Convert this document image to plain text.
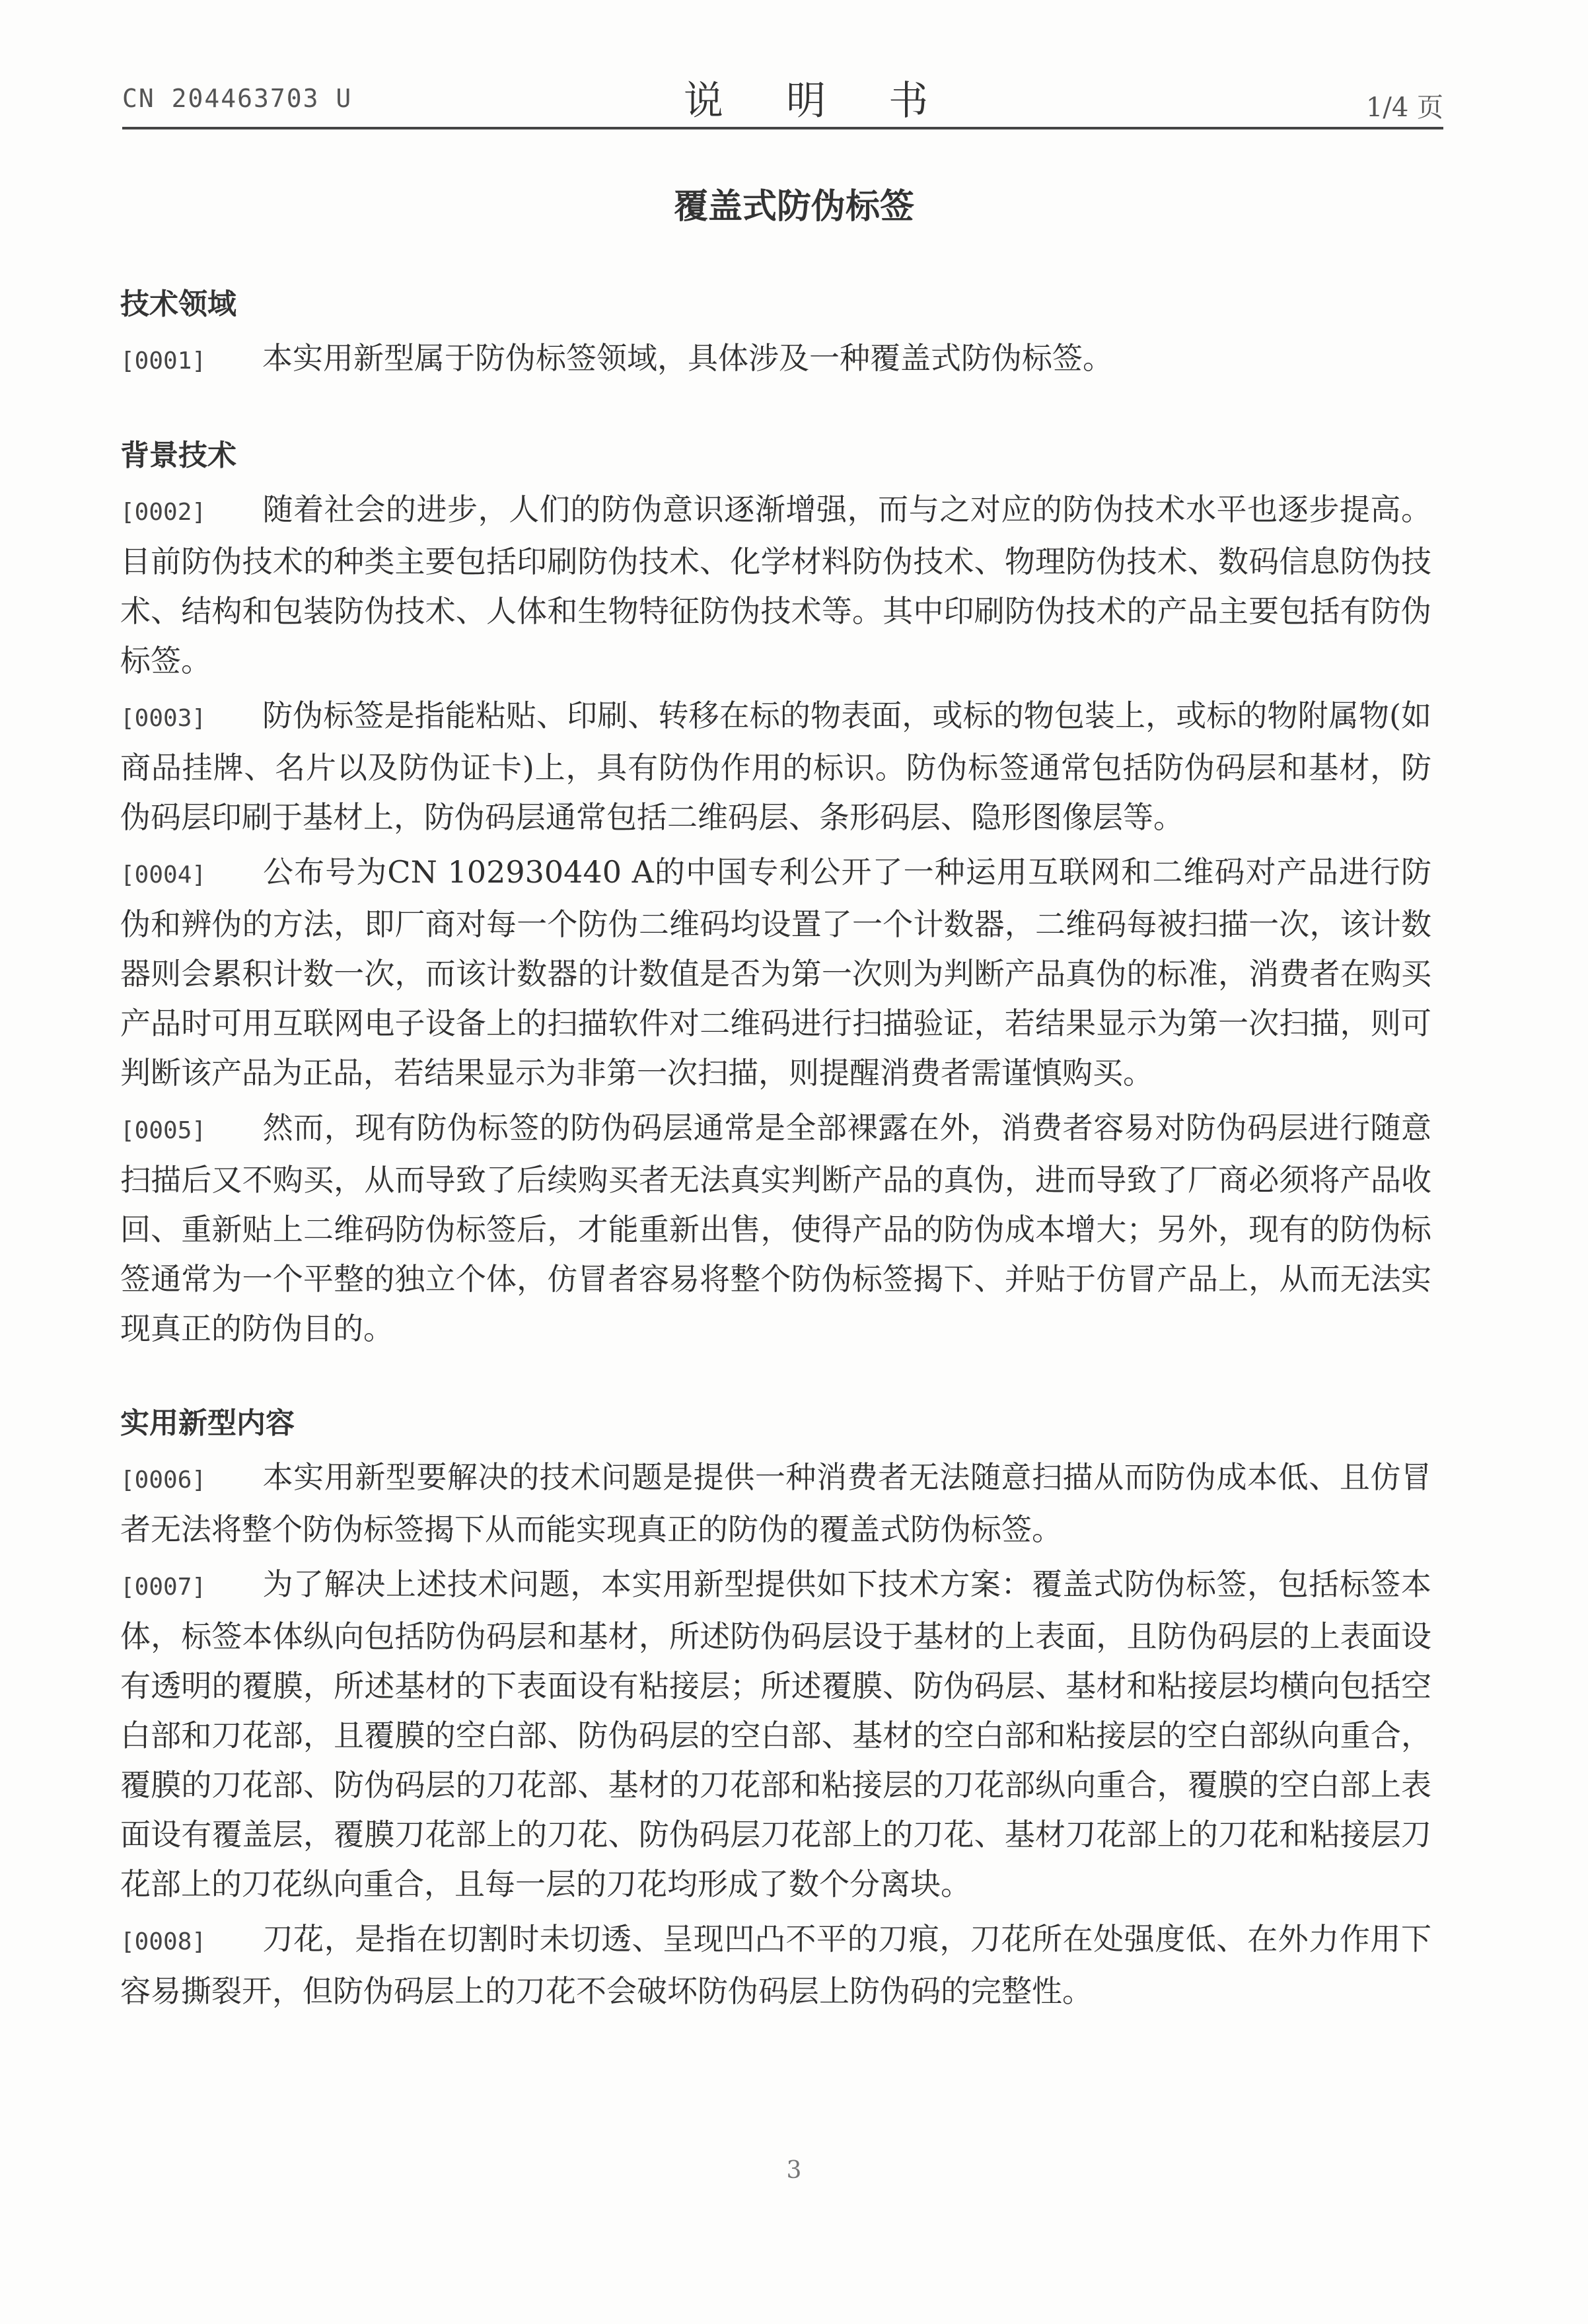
CN 204463703 U	说 明 书	1/4 页
覆盖式防伪标签
技术领域

[0001] 本实用新型属于防伪标签领域，具体涉及一种覆盖式防伪标签。

背景技术

[0002] 随着社会的进步，人们的防伪意识逐渐增强，而与之对应的防伪技术水平也逐步提高。目前防伪技术的种类主要包括印刷防伪技术、化学材料防伪技术、物理防伪技术、数码信息防伪技术、结构和包装防伪技术、人体和生物特征防伪技术等。其中印刷防伪技术的产品主要包括有防伪标签。

[0003] 防伪标签是指能粘贴、印刷、转移在标的物表面，或标的物包装上，或标的物附属物(如商品挂牌、名片以及防伪证卡)上，具有防伪作用的标识。防伪标签通常包括防伪码层和基材，防伪码层印刷于基材上，防伪码层通常包括二维码层、条形码层、隐形图像层等。

[0004] 公布号为CN 102930440 A的中国专利公开了一种运用互联网和二维码对产品进行防伪和辨伪的方法，即厂商对每一个防伪二维码均设置了一个计数器，二维码每被扫描一次，该计数器则会累积计数一次，而该计数器的计数值是否为第一次则为判断产品真伪的标准，消费者在购买产品时可用互联网电子设备上的扫描软件对二维码进行扫描验证，若结果显示为第一次扫描，则可判断该产品为正品，若结果显示为非第一次扫描，则提醒消费者需谨慎购买。

[0005] 然而，现有防伪标签的防伪码层通常是全部裸露在外，消费者容易对防伪码层进行随意扫描后又不购买，从而导致了后续购买者无法真实判断产品的真伪，进而导致了厂商必须将产品收回、重新贴上二维码防伪标签后，才能重新出售，使得产品的防伪成本增大；另外，现有的防伪标签通常为一个平整的独立个体，仿冒者容易将整个防伪标签揭下、并贴于仿冒产品上，从而无法实现真正的防伪目的。

实用新型内容

[0006] 本实用新型要解决的技术问题是提供一种消费者无法随意扫描从而防伪成本低、且仿冒者无法将整个防伪标签揭下从而能实现真正的防伪的覆盖式防伪标签。

[0007] 为了解决上述技术问题，本实用新型提供如下技术方案：覆盖式防伪标签，包括标签本体，标签本体纵向包括防伪码层和基材，所述防伪码层设于基材的上表面，且防伪码层的上表面设有透明的覆膜，所述基材的下表面设有粘接层；所述覆膜、防伪码层、基材和粘接层均横向包括空白部和刀花部，且覆膜的空白部、防伪码层的空白部、基材的空白部和粘接层的空白部纵向重合，覆膜的刀花部、防伪码层的刀花部、基材的刀花部和粘接层的刀花部纵向重合，覆膜的空白部上表面设有覆盖层，覆膜刀花部上的刀花、防伪码层刀花部上的刀花、基材刀花部上的刀花和粘接层刀花部上的刀花纵向重合，且每一层的刀花均形成了数个分离块。

[0008] 刀花，是指在切割时未切透、呈现凹凸不平的刀痕，刀花所在处强度低、在外力作用下容易撕裂开，但防伪码层上的刀花不会破坏防伪码层上防伪码的完整性。

3
